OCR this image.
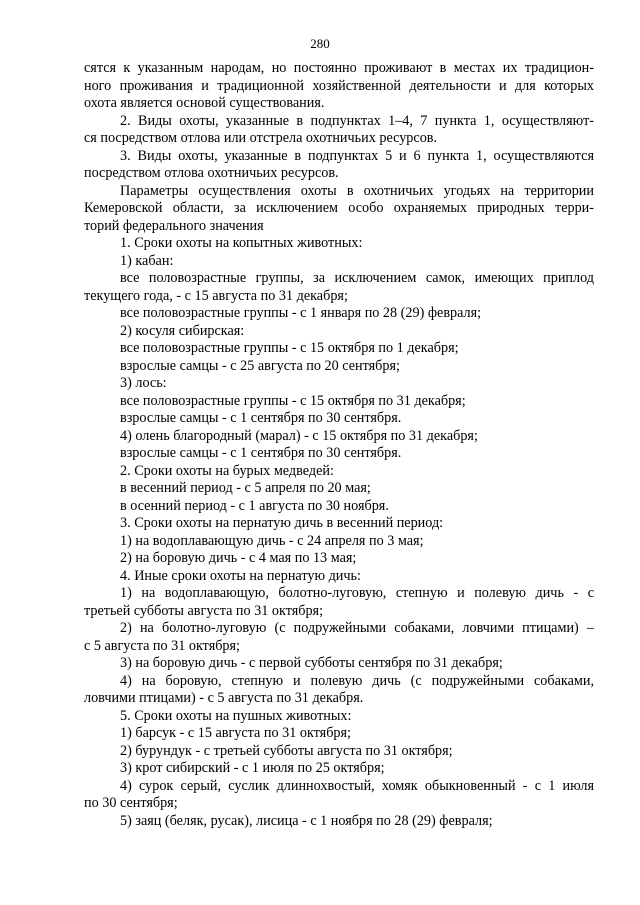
280

сятся к указанным народам, но постоянно проживают в местах их традицион-

ного проживания и традиционной хозяйственной деятельности и для которых

охота является основой существования.

2. Виды охоты, указанные в подпунктах 1–4, 7 пункта 1, осуществляют-

ся посредством отлова или отстрела охотничьих ресурсов.

3. Виды охоты, указанные в подпунктах 5 и 6 пункта 1, осуществляются

посредством отлова охотничьих ресурсов.

Параметры осуществления охоты в охотничьих угодьях на территории

Кемеровской области, за исключением особо охраняемых природных терри-

торий федерального значения

1. Сроки охоты на копытных животных:

1) кабан:

все половозрастные группы, за исключением самок, имеющих приплод

текущего года, - с 15 августа по 31 декабря;

все половозрастные группы - с 1 января по 28 (29) февраля;

2) косуля сибирская:

все половозрастные группы - с 15 октября по 1 декабря;

взрослые самцы - с 25 августа по 20 сентября;

3) лось:

все половозрастные группы - с 15 октября по 31 декабря;

взрослые самцы - с 1 сентября по 30 сентября.

4) олень благородный (марал) - с 15 октября по 31 декабря;

взрослые самцы - с 1 сентября по 30 сентября.

2. Сроки охоты на бурых медведей:

в весенний период - с 5 апреля по 20 мая;

в осенний период - с 1 августа по 30 ноября.

3. Сроки охоты на пернатую дичь в весенний период:

1) на водоплавающую дичь - с 24 апреля по 3 мая;

2) на боровую дичь - с 4 мая по 13 мая;

4. Иные сроки охоты на пернатую дичь:

1) на водоплавающую, болотно-луговую, степную и полевую дичь - с

третьей субботы августа по 31 октября;

2) на болотно-луговую (с подружейными собаками, ловчими птицами) –

с 5 августа по 31 октября;

3) на боровую дичь - с первой субботы сентября по 31 декабря;

4) на боровую, степную и полевую дичь (с подружейными собаками,

ловчими птицами) - с 5 августа по 31 декабря.

5. Сроки охоты на пушных животных:

1) барсук - с 15 августа по 31 октября;

2) бурундук - с третьей субботы августа по 31 октября;

3) крот сибирский - с 1 июля по 25 октября;

4) сурок серый, суслик длиннохвостый, хомяк обыкновенный - с 1 июля

по 30 сентября;

5) заяц (беляк, русак), лисица - с 1 ноября по 28 (29) февраля;
